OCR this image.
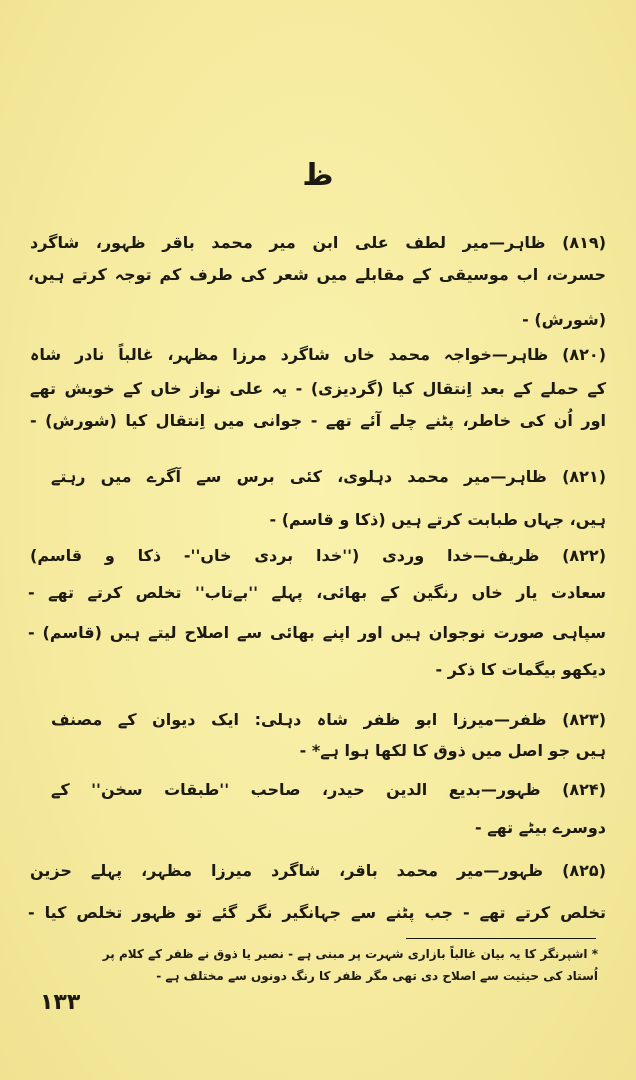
ظ
(۸۱۹) ظاہر—میر لطف علی ابن میر محمد باقر ظہور، شاگرد
حسرت، اب موسیقی کے مقابلے میں شعر کی طرف کم توجہ کرتے ہیں،
(شورش) -
(۸۲۰) ظاہر—خواجہ محمد خاں شاگرد مرزا مظہر، غالباً نادر شاہ
کے حملے کے بعد اِنتقال کیا (گردیزی) - یہ علی نواز خاں کے خویش تھے
اور اُن کی خاطر، پٹنے چلے آئے تھے - جوانی میں اِنتقال کیا (شورش) -
(۸۲۱) ظاہر—میر محمد دہلوی، کئی برس سے آگرے میں رہتے
ہیں، جہاں طبابت کرتے ہیں (ذکا و قاسم) -
(۸۲۲) ظریف—خدا وردی (''خدا بردی خاں''- ذکا و قاسم)
سعادت یار خاں رنگین کے بھائی، پہلے ''بےتاب'' تخلص کرتے تھے -
سپاہی صورت نوجوان ہیں اور اپنے بھائی سے اصلاح لیتے ہیں (قاسم) -
دیکھو بیگمات کا ذکر -
(۸۲۳) ظفر—میرزا ابو ظفر شاہ دہلی: ایک دیوان کے مصنف
ہیں جو اصل میں ذوق کا لکھا ہوا ہے* -
(۸۲۴) ظہور—بدیع الدین حیدر، صاحب ''طبقات سخن'' کے
دوسرے بیٹے تھے -
(۸۲۵) ظہور—میر محمد باقر، شاگرد میرزا مظہر، پہلے حزین
تخلص کرتے تھے - جب پٹنے سے جہانگیر نگر گئے تو ظہور تخلص کیا -
* اشپرنگر کا یہ بیان غالباً بازاری شہرت پر مبنی ہے - نصیر یا ذوق نے ظفر کے کلام پر
اُستاد کی حیثیت سے اصلاح دی تھی مگر ظفر کا رنگ دونوں سے مختلف ہے -
۱۳۳
